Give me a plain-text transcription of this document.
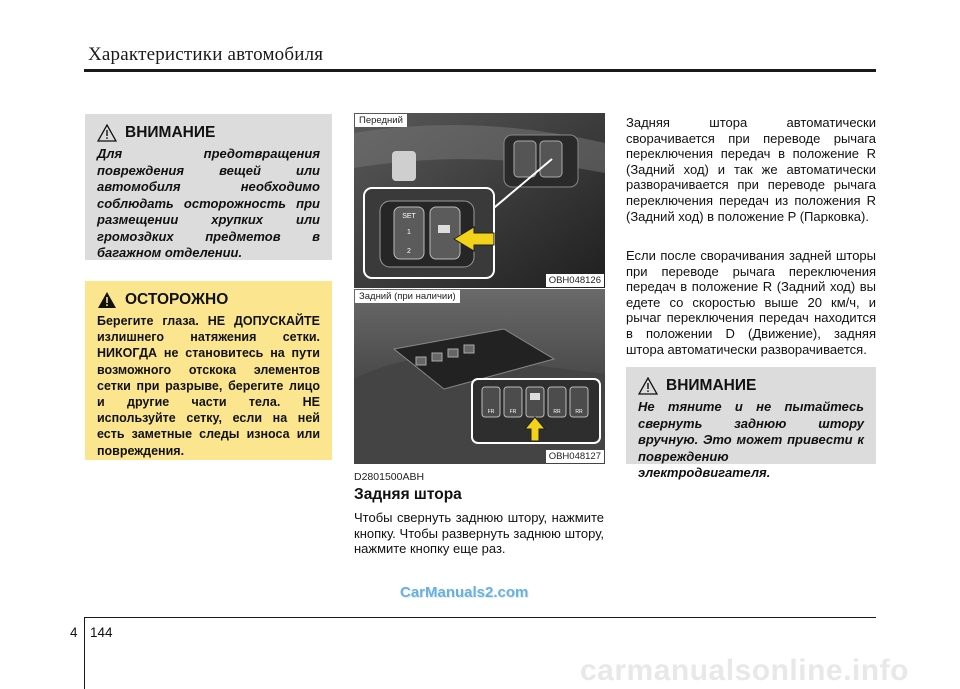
Характеристики автомобиля
ВНИМАНИЕ
Для предотвращения повреждения вещей или автомобиля необходимо соблюдать осторожность при размещении хрупких или громоздких предметов в багажном отделении.
ОСТОРОЖНО
Берегите глаза. НЕ ДОПУСКАЙТЕ излишнего натяжения сетки. НИКОГДА не становитесь на пути возможного отскока элементов сетки при разрыве, берегите лицо и другие части тела. НЕ используйте сетку, если на ней есть заметные следы износа или повреждения.
SET
1
2
Передний
OBH048126
FR	FR	RR	RR
Задний (при наличии)
OBH048127
D2801500ABH
Задняя штора
Чтобы свернуть заднюю штору, нажмите кнопку. Чтобы развернуть заднюю штору, нажмите кнопку еще раз.
Задняя штора автоматически сворачивается при переводе рычага переключения передач в положение R (Задний ход) и так же автоматически разворачивается при переводе рычага переключения передач из положения R (Задний ход) в положение P (Парковка).
Если после сворачивания задней шторы при переводе рычага переключения передач в положение R (Задний ход) вы едете со скоростью выше 20 км/ч, и рычаг переключения передач находится в положении D (Движение), задняя штора автоматически разворачивается.
ВНИМАНИЕ
Не тяните и не пытайтесь свернуть заднюю штору вручную. Это может привести к повреждению электродвигателя.
CarManuals2.com
carmanualsonline.info
4 144
